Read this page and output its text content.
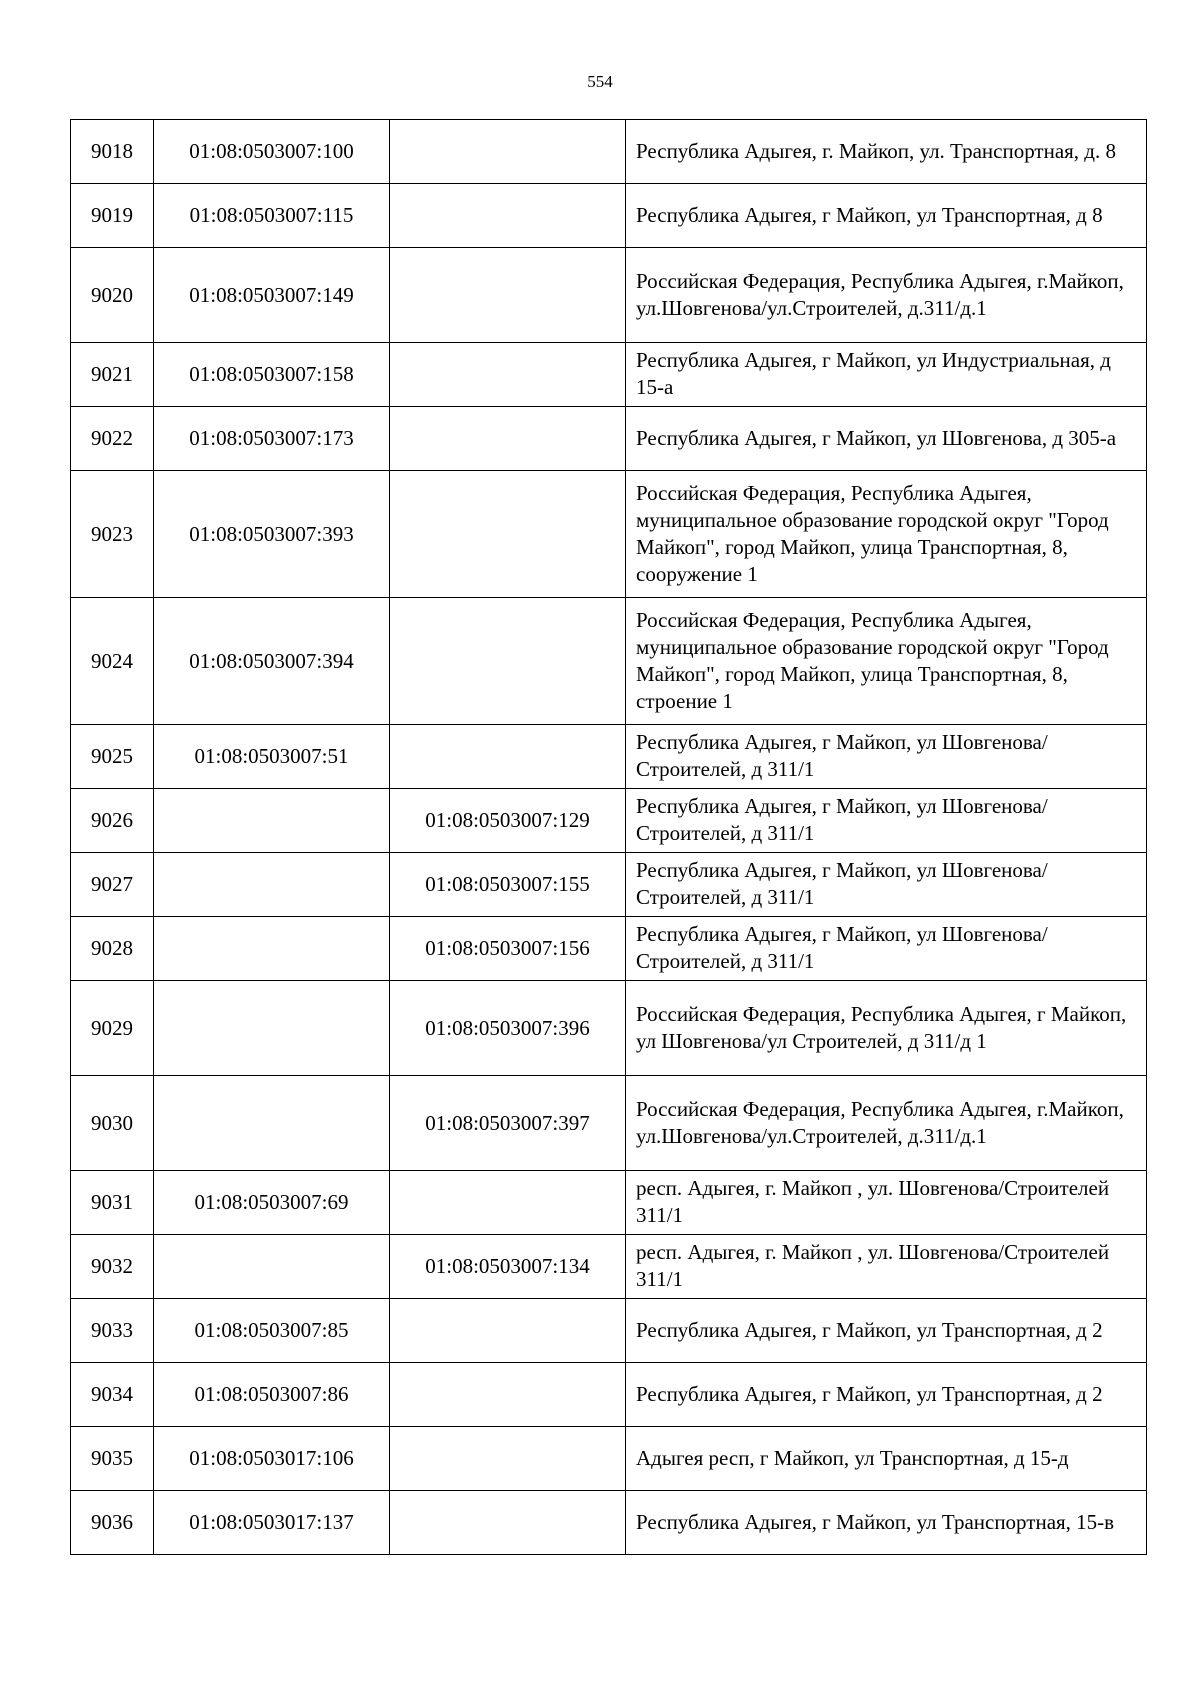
554
9018	01:08:0503007:100		Республика Адыгея, г. Майкоп, ул. Транспортная, д. 8
9019	01:08:0503007:115		Республика Адыгея, г Майкоп, ул Транспортная, д 8
9020	01:08:0503007:149		Российская Федерация, Республика Адыгея, г.Майкоп, ул.Шовгенова/ул.Строителей, д.311/д.1
9021	01:08:0503007:158		Республика Адыгея, г Майкоп, ул Индустриальная, д 15-а
9022	01:08:0503007:173		Республика Адыгея, г Майкоп, ул Шовгенова, д 305-а
9023	01:08:0503007:393		Российская Федерация, Республика Адыгея, муниципальное образование городской округ "Город Майкоп", город Майкоп, улица Транспортная, 8, сооружение 1
9024	01:08:0503007:394		Российская Федерация, Республика Адыгея, муниципальное образование городской округ "Город Майкоп", город Майкоп, улица Транспортная, 8, строение 1
9025	01:08:0503007:51		Республика Адыгея, г Майкоп, ул Шовгенова/Строителей, д 311/1
9026		01:08:0503007:129	Республика Адыгея, г Майкоп, ул Шовгенова/Строителей, д 311/1
9027		01:08:0503007:155	Республика Адыгея, г Майкоп, ул Шовгенова/Строителей, д 311/1
9028		01:08:0503007:156	Республика Адыгея, г Майкоп, ул Шовгенова/Строителей, д 311/1
9029		01:08:0503007:396	Российская Федерация, Республика Адыгея, г Майкоп, ул Шовгенова/ул Строителей, д 311/д 1
9030		01:08:0503007:397	Российская Федерация, Республика Адыгея, г.Майкоп, ул.Шовгенова/ул.Строителей, д.311/д.1
9031	01:08:0503007:69		респ. Адыгея, г. Майкоп , ул. Шовгенова/Строителей 311/1
9032		01:08:0503007:134	респ. Адыгея, г. Майкоп , ул. Шовгенова/Строителей 311/1
9033	01:08:0503007:85		Республика Адыгея, г Майкоп, ул Транспортная, д 2
9034	01:08:0503007:86		Республика Адыгея, г Майкоп, ул Транспортная, д 2
9035	01:08:0503017:106		Адыгея респ, г Майкоп, ул Транспортная, д 15-д
9036	01:08:0503017:137		Республика Адыгея, г Майкоп, ул Транспортная, 15-в
